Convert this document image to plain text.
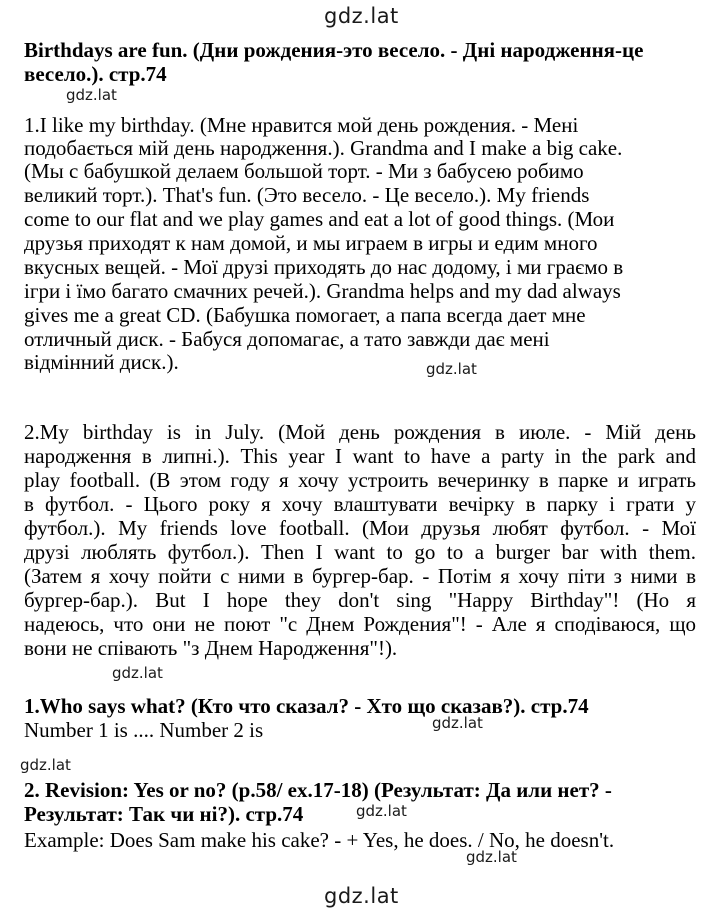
gdz.lat
gdz.lat
gdz.lat
gdz.lat
gdz.lat
gdz.lat
gdz.lat
gdz.lat
gdz.lat
Birthdays are fun. (Дни рождения-это весело. - Дні народження-це
весело.). стр.74
1.I like my birthday. (Мне нравится мой день рождения. - Мені
подобається мій день народження.). Grandma and I make a big cake.
(Мы с бабушкой делаем большой торт. - Ми з бабусею робимо
великий торт.). That's fun. (Это весело. - Це весело.). My friends
come to our flat and we play games and eat a lot of good things. (Мои
друзья приходят к нам домой, и мы играем в игры и едим много
вкусных вещей. - Мої друзі приходять до нас додому, і ми граємо в
ігри і їмо багато смачних речей.). Grandma helps and my dad always
gives me a great CD. (Бабушка помогает, а папа всегда дает мне
отличный диск. - Бабуся допомагає, а тато завжди дає мені
відмінний диск.).
2.My birthday is in July. (Мой день рождения в июле. - Мій день
народження в липні.). This year I want to have a party in the park and
play football. (В этом году я хочу устроить вечеринку в парке и играть
в футбол. - Цього року я хочу влаштувати вечірку в парку і грати у
футбол.). My friends love football. (Мои друзья любят футбол. - Мої
друзі люблять футбол.). Then I want to go to a burger bar with them.
(Затем я хочу пойти с ними в бургер-бар. - Потім я хочу піти з ними в
бургер-бар.). But I hope they don't sing "Happy Birthday"! (Но я
надеюсь, что они не поют "с Днем Рождения"! - Але я сподіваюся, що
вони не співають "з Днем Народження"!).
1.Who says what? (Кто что сказал? - Хто що сказав?). стр.74
Number 1 is .... Number 2 is
2. Revision: Yes or no? (p.58/ ex.17-18) (Результат: Да или нет? -
Результат: Так чи ні?). стр.74
Example: Does Sam make his cake? - + Yes, he does. / No, he doesn't.
